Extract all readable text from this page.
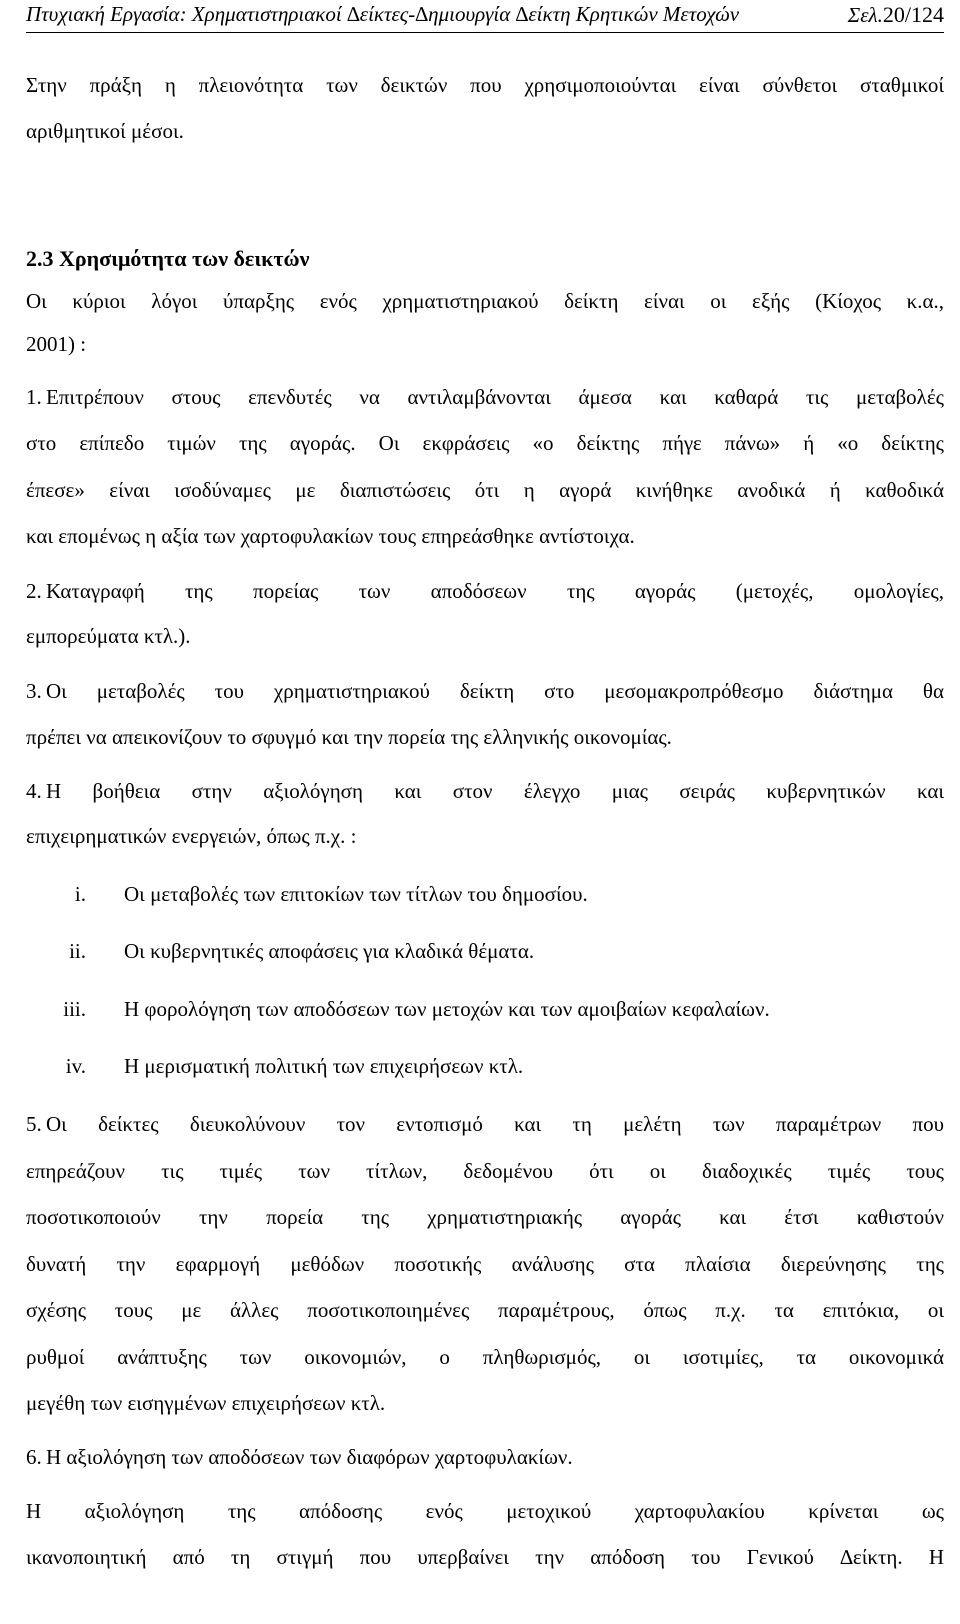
Πτυχιακή Εργασία: Χρηματιστηριακοί ∆είκτες-∆ημιουργία ∆είκτη Κρητικών Μετοχών	Σελ.20/124
Στην πράξη η πλειονότητα των δεικτών που χρησιμοποιούνται είναι σύνθετοι σταθμικοί
αριθμητικοί μέσοι.
2.3 Χρησιμότητα των δεικτών
Οι κύριοι λόγοι ύπαρξης ενός χρηματιστηριακού δείκτη είναι οι εξής (Κίοχος κ.α.,
2001) :
1. Επιτρέπουν στους επενδυτές να αντιλαμβάνονται άμεσα και καθαρά τις μεταβολές
στο επίπεδο τιμών της αγοράς. Οι εκφράσεις «ο δείκτης πήγε πάνω» ή «ο δείκτης
έπεσε» είναι ισοδύναμες με διαπιστώσεις ότι η αγορά κινήθηκε ανοδικά ή καθοδικά
και επομένως η αξία των χαρτοφυλακίων τους επηρεάσθηκε αντίστοιχα.
2. Καταγραφή της πορείας των αποδόσεων της αγοράς (μετοχές, ομολογίες,
εμπορεύματα κτλ.).
3. Οι μεταβολές του χρηματιστηριακού δείκτη στο μεσομακροπρόθεσμο διάστημα θα
πρέπει να απεικονίζουν το σφυγμό και την πορεία της ελληνικής οικονομίας.
4. Η βοήθεια στην αξιολόγηση και στον έλεγχο μιας σειράς κυβερνητικών και
επιχειρηματικών ενεργειών, όπως π.χ. :
i. Οι μεταβολές των επιτοκίων των τίτλων του δημοσίου.
ii. Οι κυβερνητικές αποφάσεις για κλαδικά θέματα.
iii. Η φορολόγηση των αποδόσεων των μετοχών και των αμοιβαίων κεφαλαίων.
iv. Η μερισματική πολιτική των επιχειρήσεων κτλ.
5. Οι δείκτες διευκολύνουν τον εντοπισμό και τη μελέτη των παραμέτρων που
επηρεάζουν τις τιμές των τίτλων, δεδομένου ότι οι διαδοχικές τιμές τους
ποσοτικοποιούν την πορεία της χρηματιστηριακής αγοράς και έτσι καθιστούν
δυνατή την εφαρμογή μεθόδων ποσοτικής ανάλυσης στα πλαίσια διερεύνησης της
σχέσης τους με άλλες ποσοτικοποιημένες παραμέτρους, όπως π.χ. τα επιτόκια, οι
ρυθμοί ανάπτυξης των οικονομιών, ο πληθωρισμός, οι ισοτιμίες, τα οικονομικά
μεγέθη των εισηγμένων επιχειρήσεων κτλ.
6. Η αξιολόγηση των αποδόσεων των διαφόρων χαρτοφυλακίων.
Η αξιολόγηση της απόδοσης ενός μετοχικού χαρτοφυλακίου κρίνεται ως
ικανοποιητική από τη στιγμή που υπερβαίνει την απόδοση του Γενικού ∆είκτη. Η
